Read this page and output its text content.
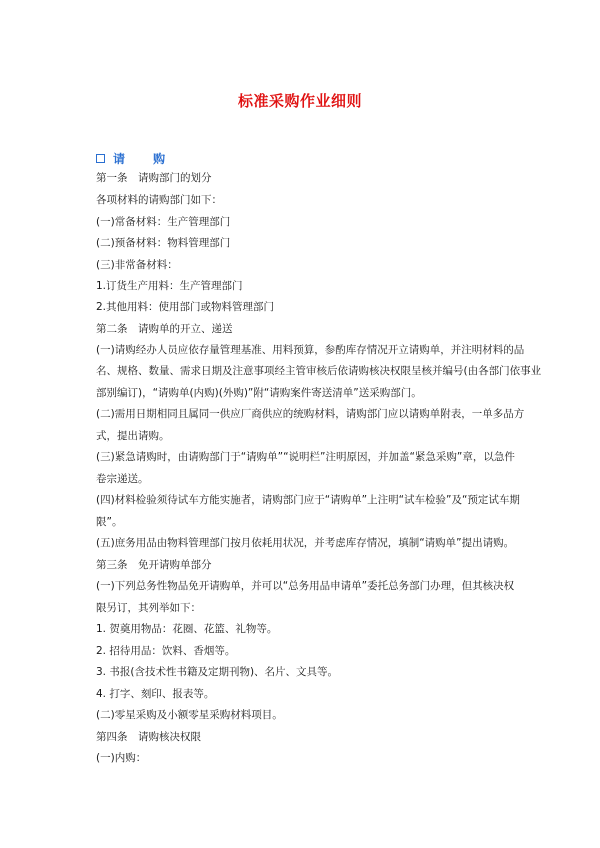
标准采购作业细则
请 购
第一条　请购部门的划分
各项材料的请购部门如下：
(一)常备材料：生产管理部门
(二)预备材料：物料管理部门
(三)非常备材料：
1.订货生产用料：生产管理部门
2.其他用料：使用部门或物料管理部门
第二条　请购单的开立、递送
(一)请购经办人员应依存量管理基准、用料预算，参酌库存情况开立请购单，并注明材料的品
名、规格、数量、需求日期及注意事项经主管审核后依请购核决权限呈核并编号(由各部门依事业
部别编订)，“请购单(内购)(外购)”附“请购案件寄送清单”送采购部门。
(二)需用日期相同且属同一供应厂商供应的统购材料，请购部门应以请购单附表，一单多品方
式，提出请购。
(三)紧急请购时，由请购部门于“请购单”“说明栏”注明原因，并加盖“紧急采购”章，以急件
卷宗递送。
(四)材料检验须待试车方能实施者，请购部门应于“请购单”上注明“试车检验”及“预定试车期
限”。
(五)庶务用品由物料管理部门按月依耗用状况，并考虑库存情况，填制“请购单”提出请购。
第三条　免开请购单部分
(一)下列总务性物品免开请购单，并可以“总务用品申请单”委托总务部门办理，但其核决权
限另订，其列举如下：
1. 贺奠用物品：花圈、花篮、礼物等。
2. 招待用品：饮料、香烟等。
3. 书报(含技术性书籍及定期刊物)、名片、文具等。
4. 打字、刻印、报表等。
(二)零星采购及小额零星采购材料项目。
第四条　请购核决权限
(一)内购：
